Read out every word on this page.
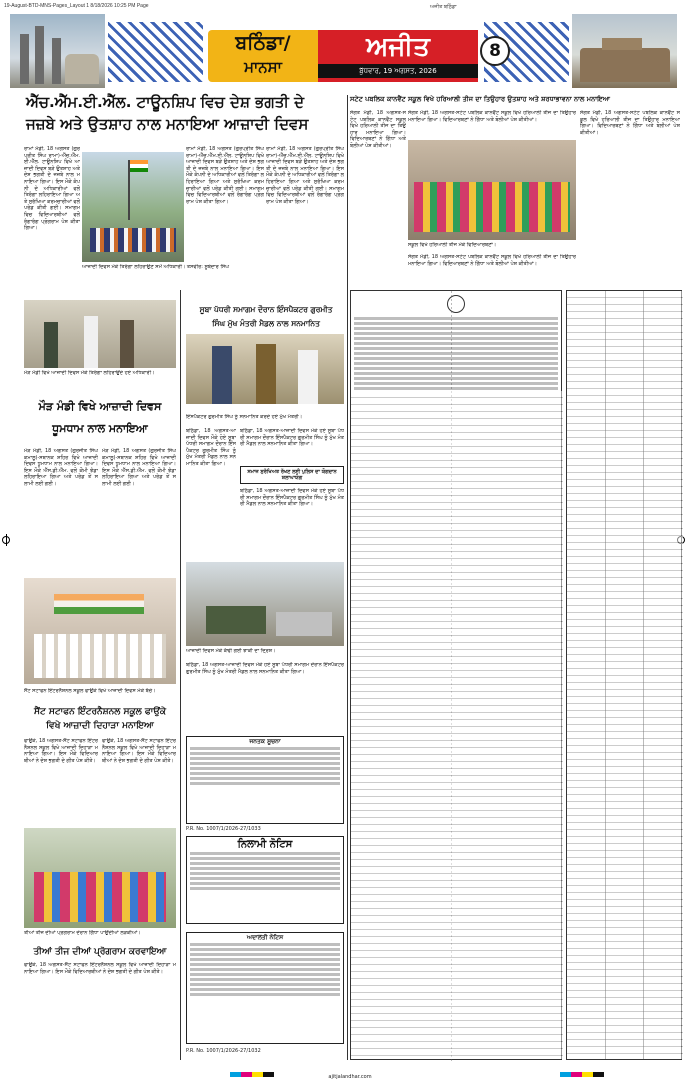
19-August-BTD-MNS-Pages_Layout 1 8/18/2026 10:25 PM Page	ਅਜੀਤ ਬਠਿੰਡਾ
ਬਠਿੰਡਾ/
ਮਾਨਸਾ
ਅਜੀਤ
ਬੁੱਧਵਾਰ, 19 ਅਗਸਤ, 2026
8
ਐੱਚ.ਐੱਮ.ਈ.ਐੱਲ. ਟਾਊਨਸ਼ਿਪ ਵਿਚ ਦੇਸ਼ ਭਗਤੀ ਦੇ
ਜਜ਼ਬੇ ਅਤੇ ਉਤਸ਼ਾਹ ਨਾਲ ਮਨਾਇਆ ਆਜ਼ਾਦੀ ਦਿਵਸ
ਰਾਮਾਂ ਮੰਡੀ, 18 ਅਗਸਤ (ਗੁਰਪ੍ਰੀਤ ਸਿੰਘ ਰਾਮਾ)-ਐੱਚ.ਐੱਮ.ਈ.ਐੱਲ. ਟਾਊਨਸ਼ਿਪ ਵਿਖੇ ਆਜ਼ਾਦੀ ਦਿਵਸ ਬੜੇ ਉਤਸ਼ਾਹ ਅਤੇ ਦੇਸ਼ ਭਗਤੀ ਦੇ ਜਜ਼ਬੇ ਨਾਲ ਮਨਾਇਆ ਗਿਆ। ਇਸ ਮੌਕੇ ਕੰਪਨੀ ਦੇ ਅਧਿਕਾਰੀਆਂ ਵਲੋਂ ਤਿਰੰਗਾ ਲਹਿਰਾਇਆ ਗਿਆ ਅਤੇ ਸੁਰੱਖਿਆ ਕਰਮਚਾਰੀਆਂ ਵਲੋਂ ਪਰੇਡ ਕੀਤੀ ਗਈ। ਸਮਾਗਮ ਵਿਚ ਵਿਦਿਆਰਥੀਆਂ ਵਲੋਂ ਰੰਗਾਰੰਗ ਪ੍ਰੋਗਰਾਮ ਪੇਸ਼ ਕੀਤਾ ਗਿਆ।
ਰਾਮਾਂ ਮੰਡੀ, 18 ਅਗਸਤ (ਗੁਰਪ੍ਰੀਤ ਸਿੰਘ ਰਾਮਾ)-ਐੱਚ.ਐੱਮ.ਈ.ਐੱਲ. ਟਾਊਨਸ਼ਿਪ ਵਿਖੇ ਆਜ਼ਾਦੀ ਦਿਵਸ ਬੜੇ ਉਤਸ਼ਾਹ ਅਤੇ ਦੇਸ਼ ਭਗਤੀ ਦੇ ਜਜ਼ਬੇ ਨਾਲ ਮਨਾਇਆ ਗਿਆ। ਇਸ ਮੌਕੇ ਕੰਪਨੀ ਦੇ ਅਧਿਕਾਰੀਆਂ ਵਲੋਂ ਤਿਰੰਗਾ ਲਹਿਰਾਇਆ ਗਿਆ ਅਤੇ ਸੁਰੱਖਿਆ ਕਰਮਚਾਰੀਆਂ ਵਲੋਂ ਪਰੇਡ ਕੀਤੀ ਗਈ। ਸਮਾਗਮ ਵਿਚ ਵਿਦਿਆਰਥੀਆਂ ਵਲੋਂ ਰੰਗਾਰੰਗ ਪ੍ਰੋਗਰਾਮ ਪੇਸ਼ ਕੀਤਾ ਗਿਆ।
ਆਜ਼ਾਦੀ ਦਿਵਸ ਮੌਕੇ ਤਿਰੰਗਾ ਲਹਿਰਾਉਣ ਸਮੇਂ ਅਧਿਕਾਰੀ। ਤਸਵੀਰ: ਸੂਬੇਦਾਰ ਸਿੰਘ
ਰਾਮਾਂ ਮੰਡੀ, 18 ਅਗਸਤ (ਗੁਰਪ੍ਰੀਤ ਸਿੰਘ ਰਾਮਾ)-ਐੱਚ.ਐੱਮ.ਈ.ਐੱਲ. ਟਾਊਨਸ਼ਿਪ ਵਿਖੇ ਆਜ਼ਾਦੀ ਦਿਵਸ ਬੜੇ ਉਤਸ਼ਾਹ ਅਤੇ ਦੇਸ਼ ਭਗਤੀ ਦੇ ਜਜ਼ਬੇ ਨਾਲ ਮਨਾਇਆ ਗਿਆ। ਇਸ ਮੌਕੇ ਕੰਪਨੀ ਦੇ ਅਧਿਕਾਰੀਆਂ ਵਲੋਂ ਤਿਰੰਗਾ ਲਹਿਰਾਇਆ ਗਿਆ ਅਤੇ ਸੁਰੱਖਿਆ ਕਰਮਚਾਰੀਆਂ ਵਲੋਂ ਪਰੇਡ ਕੀਤੀ ਗਈ। ਸਮਾਗਮ ਵਿਚ ਵਿਦਿਆਰਥੀਆਂ ਵਲੋਂ ਰੰਗਾਰੰਗ ਪ੍ਰੋਗਰਾਮ ਪੇਸ਼ ਕੀਤਾ ਗਿਆ।
ਮੌੜ ਮੰਡੀ ਵਿਖੇ ਆਜ਼ਾਦੀ ਦਿਵਸ ਮੌਕੇ ਤਿਰੰਗਾ ਲਹਿਰਾਉਂਦੇ ਹੋਏ ਅਧਿਕਾਰੀ।
ਮੌੜ ਮੰਡੀ ਵਿਖੇ ਆਜ਼ਾਦੀ ਦਿਵਸ
ਧੂਮਧਾਮ ਨਾਲ ਮਨਾਇਆ
ਮੌੜ ਮੰਡੀ, 18 ਅਗਸਤ (ਗੁਰਜੀਤ ਸਿੰਘ ਕਮਾਲੂ)-ਸਥਾਨਕ ਸ਼ਹਿਰ ਵਿਖੇ ਆਜ਼ਾਦੀ ਦਿਵਸ ਧੂਮਧਾਮ ਨਾਲ ਮਨਾਇਆ ਗਿਆ। ਇਸ ਮੌਕੇ ਐੱਸ.ਡੀ.ਐੱਮ. ਵਲੋਂ ਕੌਮੀ ਝੰਡਾ ਲਹਿਰਾਇਆ ਗਿਆ ਅਤੇ ਪਰੇਡ ਤੋਂ ਸਲਾਮੀ ਲਈ ਗਈ।
ਮੌੜ ਮੰਡੀ, 18 ਅਗਸਤ (ਗੁਰਜੀਤ ਸਿੰਘ ਕਮਾਲੂ)-ਸਥਾਨਕ ਸ਼ਹਿਰ ਵਿਖੇ ਆਜ਼ਾਦੀ ਦਿਵਸ ਧੂਮਧਾਮ ਨਾਲ ਮਨਾਇਆ ਗਿਆ। ਇਸ ਮੌਕੇ ਐੱਸ.ਡੀ.ਐੱਮ. ਵਲੋਂ ਕੌਮੀ ਝੰਡਾ ਲਹਿਰਾਇਆ ਗਿਆ ਅਤੇ ਪਰੇਡ ਤੋਂ ਸਲਾਮੀ ਲਈ ਗਈ।
ਸੈਂਟ ਸਟਾਫਨ ਇੰਟਰਨੈਸ਼ਨਲ ਸਕੂਲ ਫਾਉਂਕੇ ਵਿਖੇ ਆਜ਼ਾਦੀ ਦਿਵਸ ਮੌਕੇ ਬੱਚੇ।
ਸੈਂਟ ਸਟਾਫਨ ਇੰਟਰਨੈਸ਼ਨਲ ਸਕੂਲ ਫਾਉਂਕੇ
ਵਿਖੇ ਆਜ਼ਾਦੀ ਦਿਹਾੜਾ ਮਨਾਇਆ
ਫਾਉਂਕੇ, 18 ਅਗਸਤ-ਸੈਂਟ ਸਟਾਫਨ ਇੰਟਰਨੈਸ਼ਨਲ ਸਕੂਲ ਵਿਖੇ ਆਜ਼ਾਦੀ ਦਿਹਾੜਾ ਮਨਾਇਆ ਗਿਆ। ਇਸ ਮੌਕੇ ਵਿਦਿਆਰਥੀਆਂ ਨੇ ਦੇਸ਼ ਭਗਤੀ ਦੇ ਗੀਤ ਪੇਸ਼ ਕੀਤੇ।
ਫਾਉਂਕੇ, 18 ਅਗਸਤ-ਸੈਂਟ ਸਟਾਫਨ ਇੰਟਰਨੈਸ਼ਨਲ ਸਕੂਲ ਵਿਖੇ ਆਜ਼ਾਦੀ ਦਿਹਾੜਾ ਮਨਾਇਆ ਗਿਆ। ਇਸ ਮੌਕੇ ਵਿਦਿਆਰਥੀਆਂ ਨੇ ਦੇਸ਼ ਭਗਤੀ ਦੇ ਗੀਤ ਪੇਸ਼ ਕੀਤੇ।
ਤੀਆਂ ਤੀਜ ਦੀਆਂ ਪ੍ਰੋਗਰਾਮ ਦੌਰਾਨ ਗਿੱਧਾ ਪਾਉਂਦੀਆਂ ਲੜਕੀਆਂ।
ਤੀਆਂ ਤੀਜ ਦੀਆਂ ਪ੍ਰੋਗਰਾਮ ਕਰਵਾਇਆ
ਫਾਉਂਕੇ, 18 ਅਗਸਤ-ਸੈਂਟ ਸਟਾਫਨ ਇੰਟਰਨੈਸ਼ਨਲ ਸਕੂਲ ਵਿਖੇ ਆਜ਼ਾਦੀ ਦਿਹਾੜਾ ਮਨਾਇਆ ਗਿਆ। ਇਸ ਮੌਕੇ ਵਿਦਿਆਰਥੀਆਂ ਨੇ ਦੇਸ਼ ਭਗਤੀ ਦੇ ਗੀਤ ਪੇਸ਼ ਕੀਤੇ।
ਸੂਬਾ ਪੱਧਰੀ ਸਮਾਗਮ ਦੌਰਾਨ ਇੰਸਪੈਕਟਰ ਗੁਰਮੀਤ
ਸਿੰਘ ਮੁੱਖ ਮੰਤਰੀ ਮੈਡਲ ਨਾਲ ਸਨਮਾਨਿਤ
ਇੰਸਪੈਕਟਰ ਗੁਰਮੀਤ ਸਿੰਘ ਨੂੰ ਸਨਮਾਨਿਤ ਕਰਦੇ ਹੋਏ ਮੁੱਖ ਮੰਤਰੀ।
ਬਠਿੰਡਾ, 18 ਅਗਸਤ-ਆਜ਼ਾਦੀ ਦਿਵਸ ਮੌਕੇ ਹੋਏ ਸੂਬਾ ਪੱਧਰੀ ਸਮਾਗਮ ਦੌਰਾਨ ਇੰਸਪੈਕਟਰ ਗੁਰਮੀਤ ਸਿੰਘ ਨੂੰ ਮੁੱਖ ਮੰਤਰੀ ਮੈਡਲ ਨਾਲ ਸਨਮਾਨਿਤ ਕੀਤਾ ਗਿਆ।
ਸਮਾਜ ਸੁਰੱਖਿਅਤ ਰੱਖਣ ਲਈ ਪੁਲਿਸ ਦਾ ਯੋਗਦਾਨ ਸ਼ਲਾਘਾਯੋਗ
ਬਠਿੰਡਾ, 18 ਅਗਸਤ-ਆਜ਼ਾਦੀ ਦਿਵਸ ਮੌਕੇ ਹੋਏ ਸੂਬਾ ਪੱਧਰੀ ਸਮਾਗਮ ਦੌਰਾਨ ਇੰਸਪੈਕਟਰ ਗੁਰਮੀਤ ਸਿੰਘ ਨੂੰ ਮੁੱਖ ਮੰਤਰੀ ਮੈਡਲ ਨਾਲ ਸਨਮਾਨਿਤ ਕੀਤਾ ਗਿਆ।
ਬਠਿੰਡਾ, 18 ਅਗਸਤ-ਆਜ਼ਾਦੀ ਦਿਵਸ ਮੌਕੇ ਹੋਏ ਸੂਬਾ ਪੱਧਰੀ ਸਮਾਗਮ ਦੌਰਾਨ ਇੰਸਪੈਕਟਰ ਗੁਰਮੀਤ ਸਿੰਘ ਨੂੰ ਮੁੱਖ ਮੰਤਰੀ ਮੈਡਲ ਨਾਲ ਸਨਮਾਨਿਤ ਕੀਤਾ ਗਿਆ।
ਆਜ਼ਾਦੀ ਦਿਵਸ ਮੌਕੇ ਕੱਢੀ ਗਈ ਝਾਕੀ ਦਾ ਦ੍ਰਿਸ਼।
ਬਠਿੰਡਾ, 18 ਅਗਸਤ-ਆਜ਼ਾਦੀ ਦਿਵਸ ਮੌਕੇ ਹੋਏ ਸੂਬਾ ਪੱਧਰੀ ਸਮਾਗਮ ਦੌਰਾਨ ਇੰਸਪੈਕਟਰ ਗੁਰਮੀਤ ਸਿੰਘ ਨੂੰ ਮੁੱਖ ਮੰਤਰੀ ਮੈਡਲ ਨਾਲ ਸਨਮਾਨਿਤ ਕੀਤਾ ਗਿਆ।
ਜਨਤਕ ਸੂਚਨਾ
P.R. No. 1007/1/2026-27/1033
ਨਿਲਾਮੀ ਨੋਟਿਸ
ਅਦਾਲਤੀ ਨੋਟਿਸ
P.R. No. 1007/1/2026-27/1032
ਸਟੇਟ ਪਬਲਿਕ ਕਾਨਵੈਂਟ ਸਕੂਲ ਵਿਖੇ ਹਰਿਆਲੀ ਤੀਜ ਦਾ ਤਿਉਹਾਰ ਉਤਸ਼ਾਹ ਅਤੇ ਸ਼ਰਧਾਭਾਵਨਾ ਨਾਲ ਮਨਾਇਆ
ਸੰਗਤ ਮੰਡੀ, 18 ਅਗਸਤ-ਸਟੇਟ ਪਬਲਿਕ ਕਾਨਵੈਂਟ ਸਕੂਲ ਵਿਖੇ ਹਰਿਆਲੀ ਤੀਜ ਦਾ ਤਿਉਹਾਰ ਮਨਾਇਆ ਗਿਆ। ਵਿਦਿਆਰਥਣਾਂ ਨੇ ਗਿੱਧਾ ਅਤੇ ਬੋਲੀਆਂ ਪੇਸ਼ ਕੀਤੀਆਂ।
ਸਕੂਲ ਵਿਖੇ ਹਰਿਆਲੀ ਤੀਜ ਮੌਕੇ ਵਿਦਿਆਰਥਣਾਂ।
ਸੰਗਤ ਮੰਡੀ, 18 ਅਗਸਤ-ਸਟੇਟ ਪਬਲਿਕ ਕਾਨਵੈਂਟ ਸਕੂਲ ਵਿਖੇ ਹਰਿਆਲੀ ਤੀਜ ਦਾ ਤਿਉਹਾਰ ਮਨਾਇਆ ਗਿਆ। ਵਿਦਿਆਰਥਣਾਂ ਨੇ ਗਿੱਧਾ ਅਤੇ ਬੋਲੀਆਂ ਪੇਸ਼ ਕੀਤੀਆਂ।
ਸੰਗਤ ਮੰਡੀ, 18 ਅਗਸਤ-ਸਟੇਟ ਪਬਲਿਕ ਕਾਨਵੈਂਟ ਸਕੂਲ ਵਿਖੇ ਹਰਿਆਲੀ ਤੀਜ ਦਾ ਤਿਉਹਾਰ ਮਨਾਇਆ ਗਿਆ। ਵਿਦਿਆਰਥਣਾਂ ਨੇ ਗਿੱਧਾ ਅਤੇ ਬੋਲੀਆਂ ਪੇਸ਼ ਕੀਤੀਆਂ।
ਸੰਗਤ ਮੰਡੀ, 18 ਅਗਸਤ-ਸਟੇਟ ਪਬਲਿਕ ਕਾਨਵੈਂਟ ਸਕੂਲ ਵਿਖੇ ਹਰਿਆਲੀ ਤੀਜ ਦਾ ਤਿਉਹਾਰ ਮਨਾਇਆ ਗਿਆ। ਵਿਦਿਆਰਥਣਾਂ ਨੇ ਗਿੱਧਾ ਅਤੇ ਬੋਲੀਆਂ ਪੇਸ਼ ਕੀਤੀਆਂ।
ajitjalandhar.com
